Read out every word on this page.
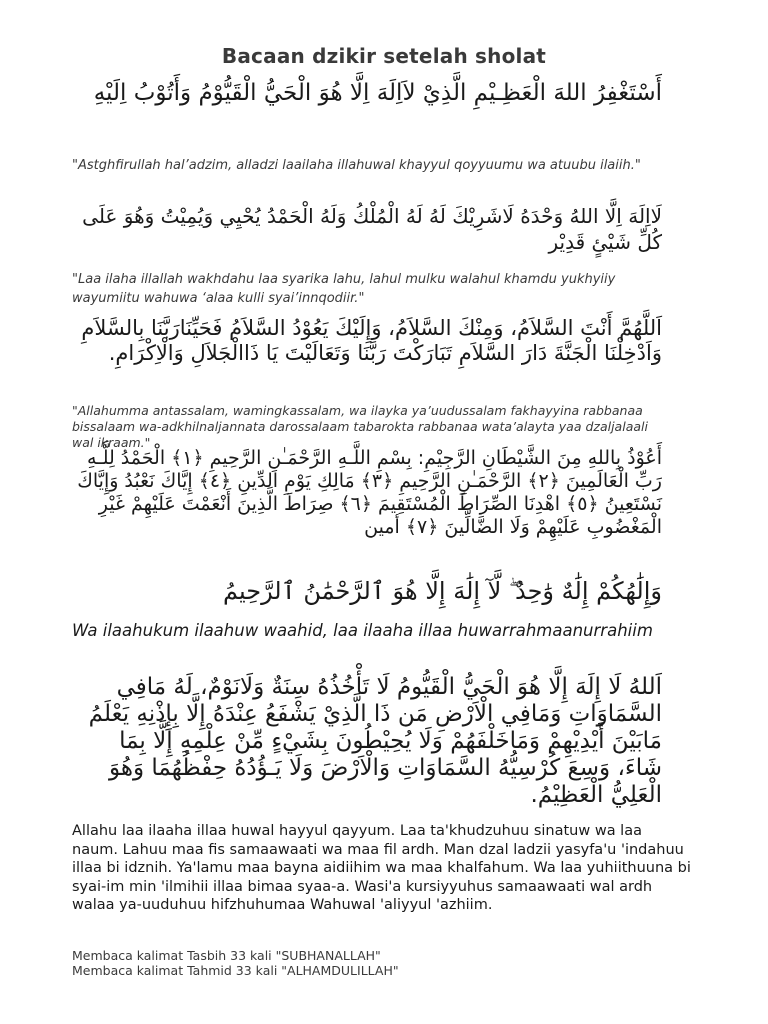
Bacaan dzikir setelah sholat
أَسْتَغْفِرُ اللهَ الْعَظِـيْمِ الَّذِيْ لاَاِلَهَ اِلَّا هُوَ الْحَيُّ الْقَيُّوْمُ وَأَتُوْبُ اِلَيْهِ
"Astghfirullah hal’adzim, alladzi laailaha illahuwal khayyul qoyyuumu wa atuubu ilaiih."
لَااِلَهَ اِلَّا اللهُ وَحْدَهُ لَاشَرِيْكَ لَهُ لَهُ الْمُلْكُ وَلَهُ الْحَمْدُ يُحْيِي وَيُمِيْتُ وَهُوَ عَلَى كُلِّ شَيْئٍ قَدِيْر
"Laa ilaha illallah wakhdahu laa syarika lahu, lahul mulku walahul khamdu yukhyiiy wayumiitu wahuwa ‘alaa kulli syai’innqodiir."
اَللَّهُمَّ أَنْتَ السَّلاَمُ، وَمِنْكَ السَّلاَمُ، وَإِلَيْكَ يَعُوْدُ السَّلاَمُ فَحَيِّنَارَبَّنَا بِالسَّلاَمِ وَاَدْخِلْنَا الْجَنَّةَ دَارَ السَّلاَمِ تَبَارَكْتَ رَبَّنَا وَتَعَالَيْتَ يَا ذَاالْجَلاَلِ وَالْاِكْرَامِ.
"Allahumma antassalam, wamingkassalam, wa ilayka ya’uudussalam fakhayyina rabbanaa bissalaam wa-adkhilnaljannata darossalaam tabarokta rabbanaa wata’alayta yaa dzaljalaali wal ikraam."
أَعُوْذُ بِاللهِ مِنَ الشَّيْطَانِ الرَّجِيْمِ: بِسْمِ اللَّـهِ الرَّحْمَـٰنِ الرَّحِيمِ ﴿١﴾ الْحَمْدُ لِلَّـهِ رَبِّ الْعَالَمِينَ ﴿٢﴾ الرَّحْمَـٰنِ الرَّحِيمِ ﴿٣﴾ مَالِكِ يَوْمِ الدِّينِ ﴿٤﴾ إِيَّاكَ نَعْبُدُ وَإِيَّاكَ نَسْتَعِينُ ﴿٥﴾ اهْدِنَا الصِّرَاطَ الْمُسْتَقِيمَ ﴿٦﴾ صِرَاطَ الَّذِينَ أَنْعَمْتَ عَلَيْهِمْ غَيْرِ الْمَغْضُوبِ عَلَيْهِمْ وَلَا الضَّالِّينَ ﴿٧﴾ أمين
وَإِلَٰهُكُمْ إِلَٰهٌ وَٰحِدٌ ۖ لَّآ إِلَٰهَ إِلَّا هُوَ ٱلرَّحْمَٰنُ ٱلرَّحِيمُ
Wa ilaahukum ilaahuw waahid, laa ilaaha illaa huwarrahmaanurrahiim
اَللهُ لَا إِلَهَ إِلَّا هُوَ الْحَيُّ الْقَيُّومُ لَا تَأْخُذُهُ سِنَةٌ وَلَانَوْمٌ، لَهُ مَافِي السَّمَاوَاتِ وَمَافِي الْاَرْضِ مَن ذَا الَّذِيْ يَشْفَعُ عِنْدَهُ إِلَّا بِإِذْنِهِ يَعْلَمُ مَابَيْنَ أَيْدِيْهِمْ وَمَاخَلْفَهُمْ وَلَا يُحِيْطُونَ بِشَيْءٍ مِّنْ عِلْمِهِ إِلَّا بِمَا شَاءَ، وَسِعَ كُرْسِيُّهُ السَّمَاوَاتِ وَالْاَرْضَ وَلَا يَـؤُدُهُ حِفْظُهُمَا وَهُوَ الْعَلِيُّ الْعَظِيْمُ.
Allahu laa ilaaha illaa huwal hayyul qayyum. Laa ta'khudzuhuu sinatuw wa laa naum. Lahuu maa fis samaawaati wa maa fil ardh. Man dzal ladzii yasyfa'u 'indahuu illaa bi idznih. Ya'lamu maa bayna aidiihim wa maa khalfahum. Wa laa yuhiithuuna bi syai-im min 'ilmihii illaa bimaa syaa-a. Wasi'a kursiyyuhus samaawaati wal ardh walaa ya-uuduhuu hifzhuhumaa Wahuwal 'aliyyul 'azhiim.
Membaca kalimat Tasbih 33 kali "SUBHANALLAH"
Membaca kalimat Tahmid 33 kali "ALHAMDULILLAH"
